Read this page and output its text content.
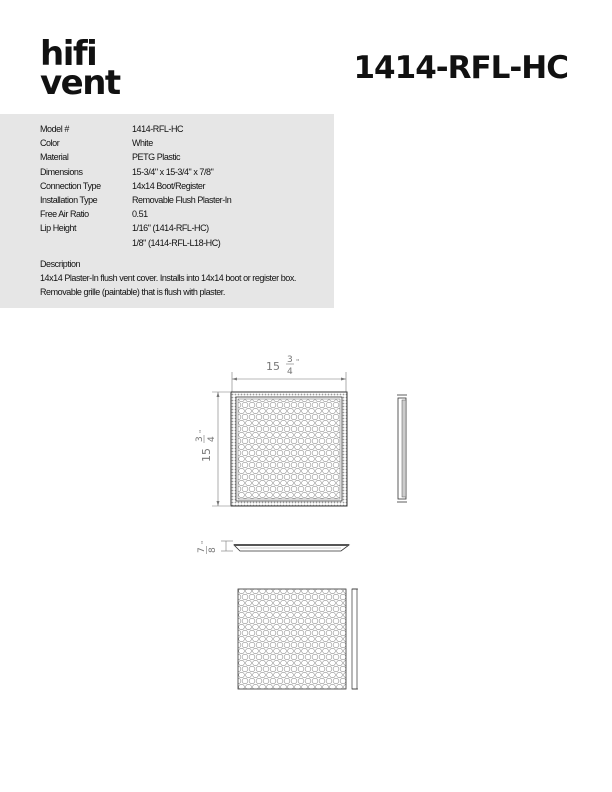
hifi
vent	1414-RFL-HC
Model #	1414-RFL-HC
Color	White
Material	PETG Plastic
Dimensions	15-3/4" x 15-3/4" x 7/8"
Connection Type	14x14 Boot/Register
Installation Type	Removable Flush Plaster-In
Free Air Ratio	0.51
Lip Height	1/16" (1414-RFL-HC)
1/8" (1414-RFL-L18-HC)
Description
14x14 Plaster-In flush vent cover. Installs into 14x14 boot or register box. Removable grille (paintable) that is flush with plaster.
15 3
4
"
15
3 4
"
7 8
"
